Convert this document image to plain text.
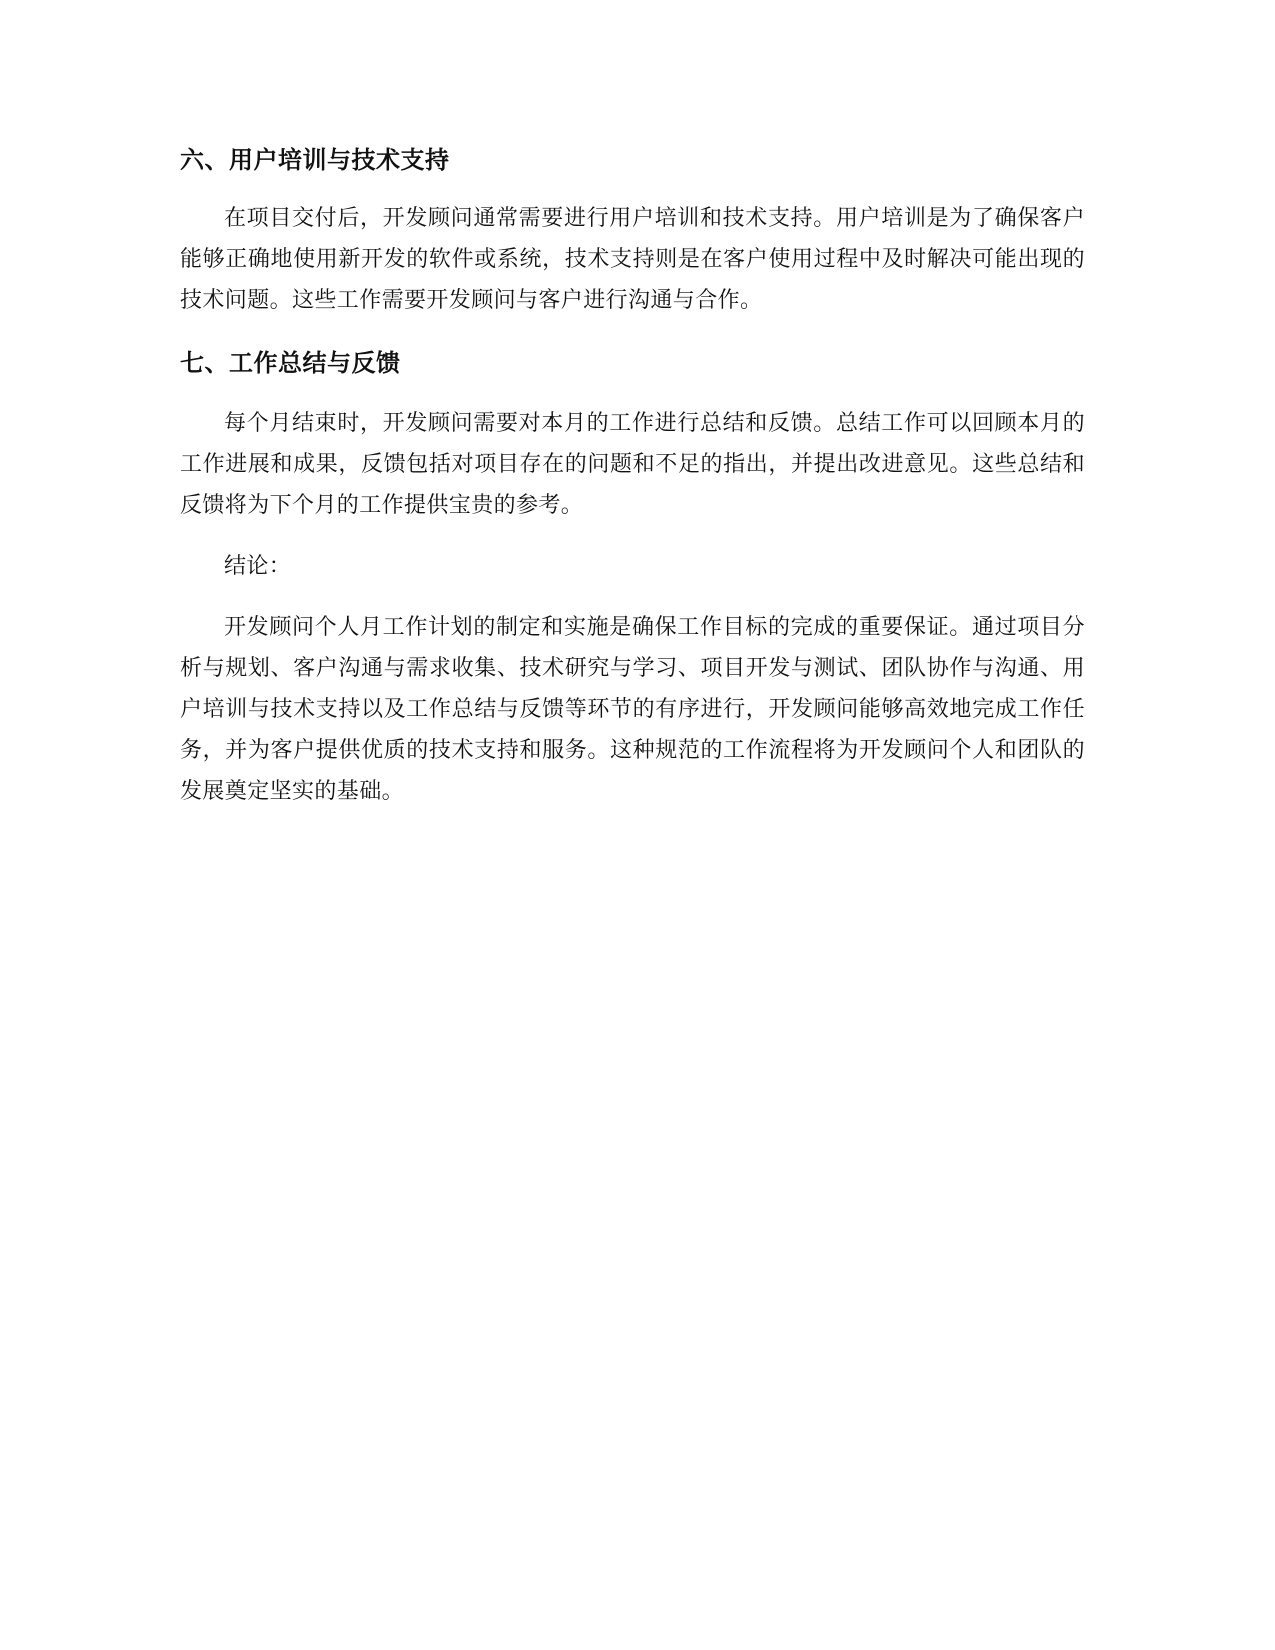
六、用户培训与技术支持

在项目交付后，开发顾问通常需要进行用户培训和技术支持。用户培训是为了确保客户能够正确地使用新开发的软件或系统，技术支持则是在客户使用过程中及时解决可能出现的技术问题。这些工作需要开发顾问与客户进行沟通与合作。

七、工作总结与反馈

每个月结束时，开发顾问需要对本月的工作进行总结和反馈。总结工作可以回顾本月的工作进展和成果，反馈包括对项目存在的问题和不足的指出，并提出改进意见。这些总结和反馈将为下个月的工作提供宝贵的参考。

结论：

开发顾问个人月工作计划的制定和实施是确保工作目标的完成的重要保证。通过项目分析与规划、客户沟通与需求收集、技术研究与学习、项目开发与测试、团队协作与沟通、用户培训与技术支持以及工作总结与反馈等环节的有序进行，开发顾问能够高效地完成工作任务，并为客户提供优质的技术支持和服务。这种规范的工作流程将为开发顾问个人和团队的发展奠定坚实的基础。
